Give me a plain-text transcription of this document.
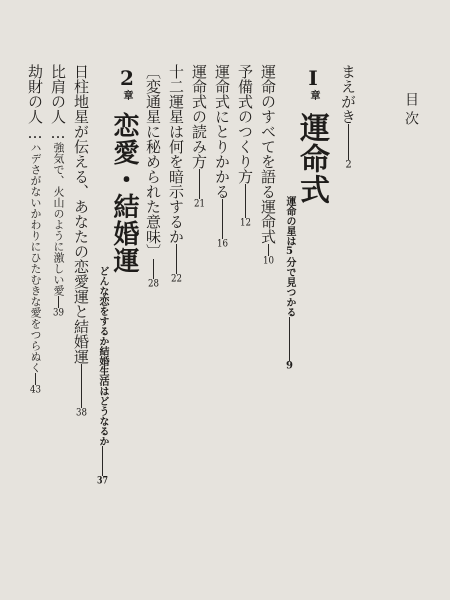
目次
まえがき2
I
章
運命式
運命の星は5分で見つかる9
運命のすべてを語る運命式10
予備式のつくり方12
運命式にとりかかる16
運命式の読み方21
十二運星は何を暗示するか22
〔変通星に秘められた意味〕28
2
章
恋愛・結婚運
どんな恋をするか結婚生活はどうなるか37
日柱地星が伝える、あなたの恋愛運と結婚運38
比肩の人…強気で、火山のように激しい愛39
劫財の人…ハデさがないかわりにひたむきな愛をつらぬく43
